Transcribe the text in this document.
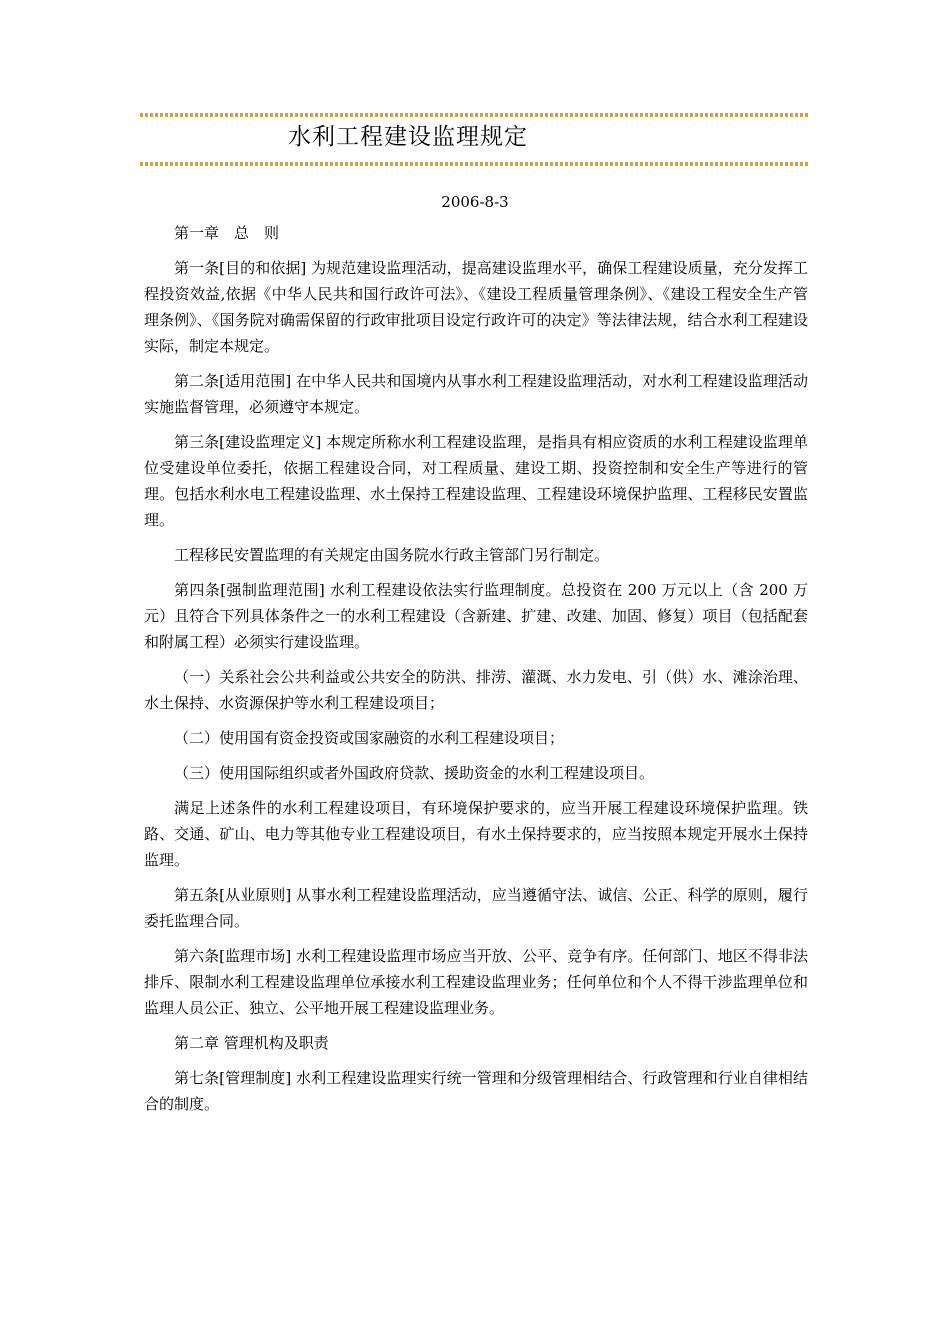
水利工程建设监理规定
2006-8-3

第一章　总　则

第一条[目的和依据] 为规范建设监理活动，提高建设监理水平，确保工程建设质量，充分发挥工程投资效益,依据《中华人民共和国行政许可法》、《建设工程质量管理条例》、《建设工程安全生产管理条例》、《国务院对确需保留的行政审批项目设定行政许可的决定》等法律法规，结合水利工程建设实际，制定本规定。

第二条[适用范围] 在中华人民共和国境内从事水利工程建设监理活动，对水利工程建设监理活动实施监督管理，必须遵守本规定。

第三条[建设监理定义] 本规定所称水利工程建设监理，是指具有相应资质的水利工程建设监理单位受建设单位委托，依据工程建设合同，对工程质量、建设工期、投资控制和安全生产等进行的管理。包括水利水电工程建设监理、水土保持工程建设监理、工程建设环境保护监理、工程移民安置监理。

工程移民安置监理的有关规定由国务院水行政主管部门另行制定。

第四条[强制监理范围] 水利工程建设依法实行监理制度。总投资在 200 万元以上（含 200 万元）且符合下列具体条件之一的水利工程建设（含新建、扩建、改建、加固、修复）项目（包括配套和附属工程）必须实行建设监理。

（一）关系社会公共利益或公共安全的防洪、排涝、灌溉、水力发电、引（供）水、滩涂治理、水土保持、水资源保护等水利工程建设项目；

（二）使用国有资金投资或国家融资的水利工程建设项目；

（三）使用国际组织或者外国政府贷款、援助资金的水利工程建设项目。

满足上述条件的水利工程建设项目，有环境保护要求的，应当开展工程建设环境保护监理。铁路、交通、矿山、电力等其他专业工程建设项目，有水土保持要求的，应当按照本规定开展水土保持监理。

第五条[从业原则] 从事水利工程建设监理活动，应当遵循守法、诚信、公正、科学的原则，履行委托监理合同。

第六条[监理市场] 水利工程建设监理市场应当开放、公平、竞争有序。任何部门、地区不得非法排斥、限制水利工程建设监理单位承接水利工程建设监理业务；任何单位和个人不得干涉监理单位和监理人员公正、独立、公平地开展工程建设监理业务。

第二章 管理机构及职责

第七条[管理制度] 水利工程建设监理实行统一管理和分级管理相结合、行政管理和行业自律相结合的制度。
